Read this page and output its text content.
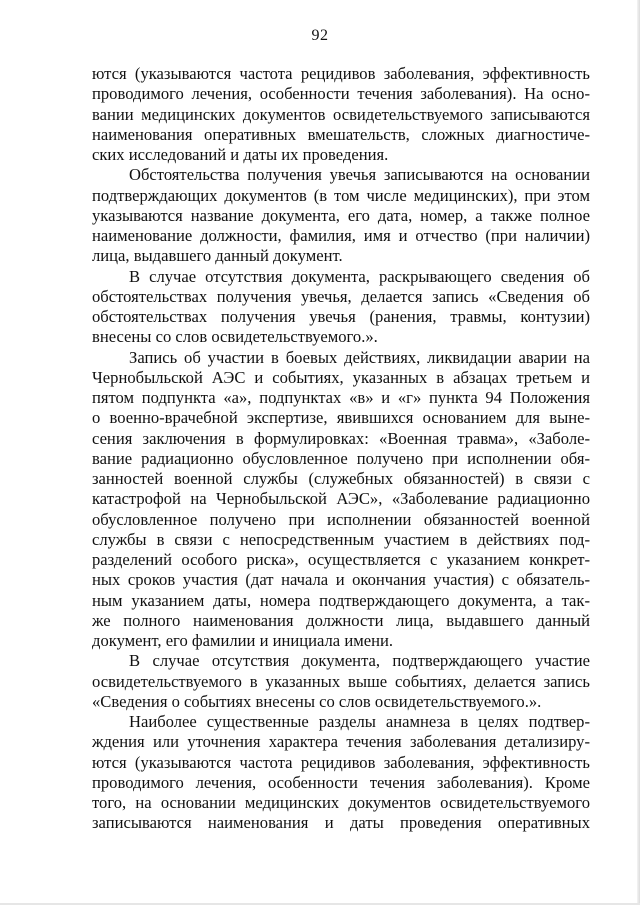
92

ются (указываются частота рецидивов заболевания, эффективность
проводимого лечения, особенности течения заболевания). На осно-
вании медицинских документов освидетельствуемого записываются
наименования оперативных вмешательств, сложных диагностиче-
ских исследований и даты их проведения.

Обстоятельства получения увечья записываются на основании
подтверждающих документов (в том числе медицинских), при этом
указываются название документа, его дата, номер, а также полное
наименование должности, фамилия, имя и отчество (при наличии)
лица, выдавшего данный документ.

В случае отсутствия документа, раскрывающего сведения об
обстоятельствах получения увечья, делается запись «Сведения об
обстоятельствах получения увечья (ранения, травмы, контузии)
внесены со слов освидетельствуемого.».

Запись об участии в боевых действиях, ликвидации аварии на
Чернобыльской АЭС и событиях, указанных в абзацах третьем и
пятом подпункта «а», подпунктах «в» и «г» пункта 94 Положения
о военно-врачебной экспертизе, явившихся основанием для выне-
сения заключения в формулировках: «Военная травма», «Заболе-
вание радиационно обусловленное получено при исполнении обя-
занностей военной службы (служебных обязанностей) в связи с
катастрофой на Чернобыльской АЭС», «Заболевание радиационно
обусловленное получено при исполнении обязанностей военной
службы в связи с непосредственным участием в действиях под-
разделений особого риска», осуществляется с указанием конкрет-
ных сроков участия (дат начала и окончания участия) с обязатель-
ным указанием даты, номера подтверждающего документа, а так-
же полного наименования должности лица, выдавшего данный
документ, его фамилии и инициала имени.

В случае отсутствия документа, подтверждающего участие
освидетельствуемого в указанных выше событиях, делается запись
«Сведения о событиях внесены со слов освидетельствуемого.».

Наиболее существенные разделы анамнеза в целях подтвер-
ждения или уточнения характера течения заболевания детализиру-
ются (указываются частота рецидивов заболевания, эффективность
проводимого лечения, особенности течения заболевания). Кроме
того, на основании медицинских документов освидетельствуемого
записываются наименования и даты проведения оперативных
